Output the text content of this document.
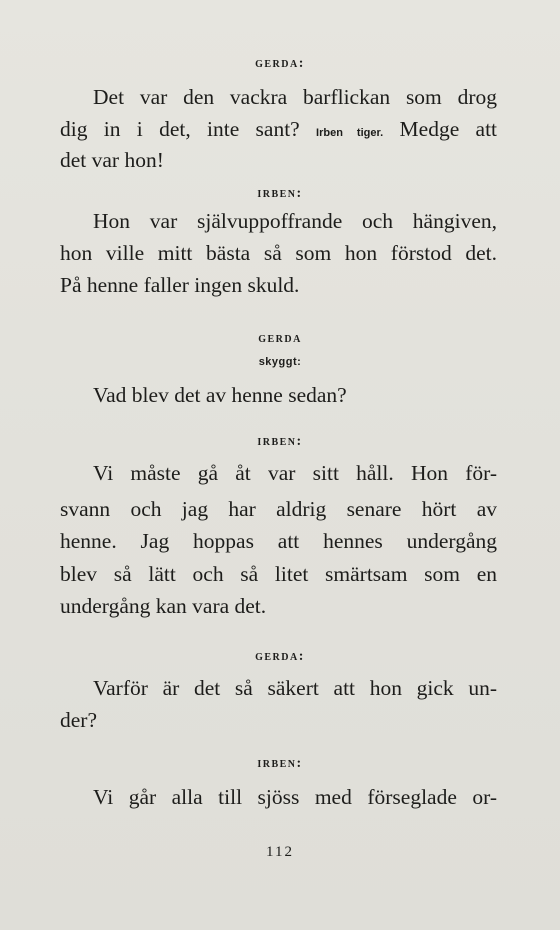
gerda:
Det var den vackra barflickan som drog
dig in i det, inte sant? Irben tiger. Medge att
det var hon!
irben:
Hon var självuppoffrande och hängiven,
hon ville mitt bästa så som hon förstod det.
På henne faller ingen skuld.
gerda
skyggt:
Vad blev det av henne sedan?
irben:
Vi måste gå åt var sitt håll. Hon för-
svann och jag har aldrig senare hört av
henne. Jag hoppas att hennes undergång
blev så lätt och så litet smärtsam som en
undergång kan vara det.
gerda:
Varför är det så säkert att hon gick un-
der?
irben:
Vi går alla till sjöss med förseglade or-
112
